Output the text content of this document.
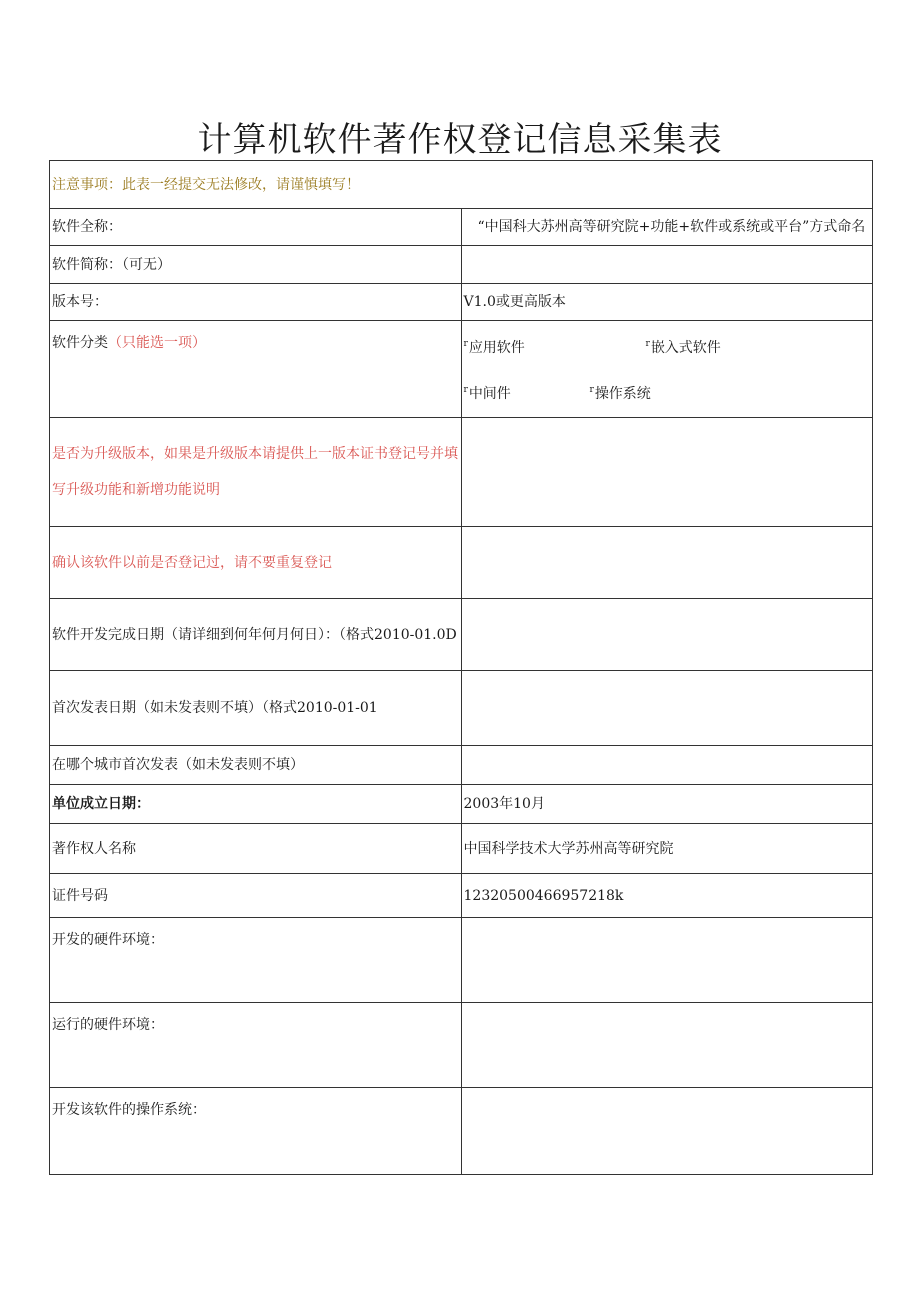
计算机软件著作权登记信息采集表
注意事项：此表一经提交无法修改，请谨慎填写！	
软件全称：	“中国科大苏州高等研究院+功能+软件或系统或平台”方式命名
软件简称：（可无）	
版本号：	V1.0或更高版本
软件分类（只能选一项）	$^r$应用软件 $^r$嵌入式软件
$^r$中间件 $^r$操作系统

是否为升级版本，如果是升级版本请提供上一版本证书登记号并填写升级功能和新增功能说明	
确认该软件以前是否登记过，请不要重复登记	
软件开发完成日期（请详细到何年何月何日）：（格式2010-01.0D	
首次发表日期（如未发表则不填）（格式2010-01-01	
在哪个城市首次发表（如未发表则不填）	
单位成立日期：	2003年10月
著作权人名称	中国科学技术大学苏州高等研究院
证件号码	12320500466957218k
开发的硬件环境：	
运行的硬件环境：	
开发该软件的操作系统：	
